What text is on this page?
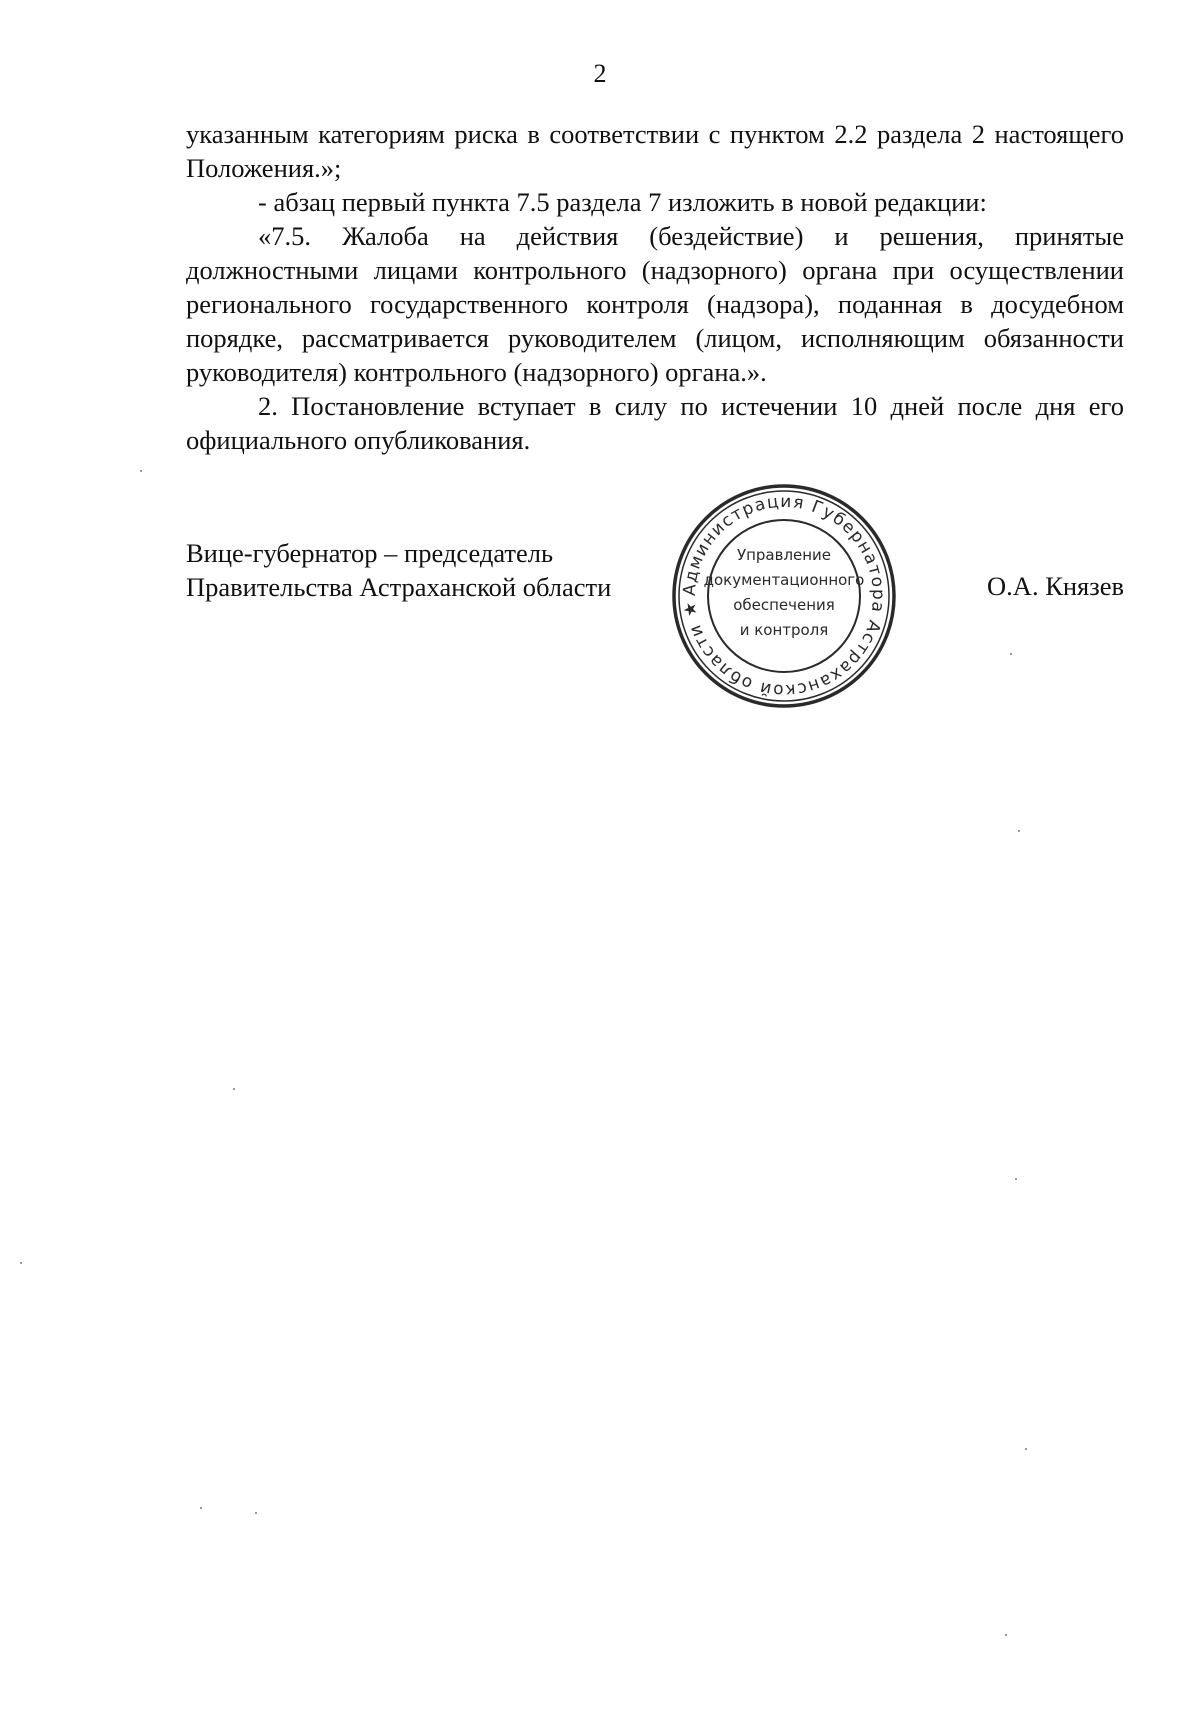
2

указанным категориям риска в соответствии с пунктом 2.2 раздела 2 настоящего Положения.»;

- абзац первый пункта 7.5 раздела 7 изложить в новой редакции:

«7.5. Жалоба на действия (бездействие) и решения, принятые должностными лицами контрольного (надзорного) органа при осуществлении регионального государственного контроля (надзора), поданная в досудебном порядке, рассматривается руководителем (лицом, исполняющим обязанности руководителя) контрольного (надзорного) органа.».

2. Постановление вступает в силу по истечении 10 дней после дня его официального опубликования.

Вице-губернатор – председатель
Правительства Астраханской области	О.А. Князев
Администрация Губернатора Астраханской области ★
Управление
документационного
обеспечения
и контроля
